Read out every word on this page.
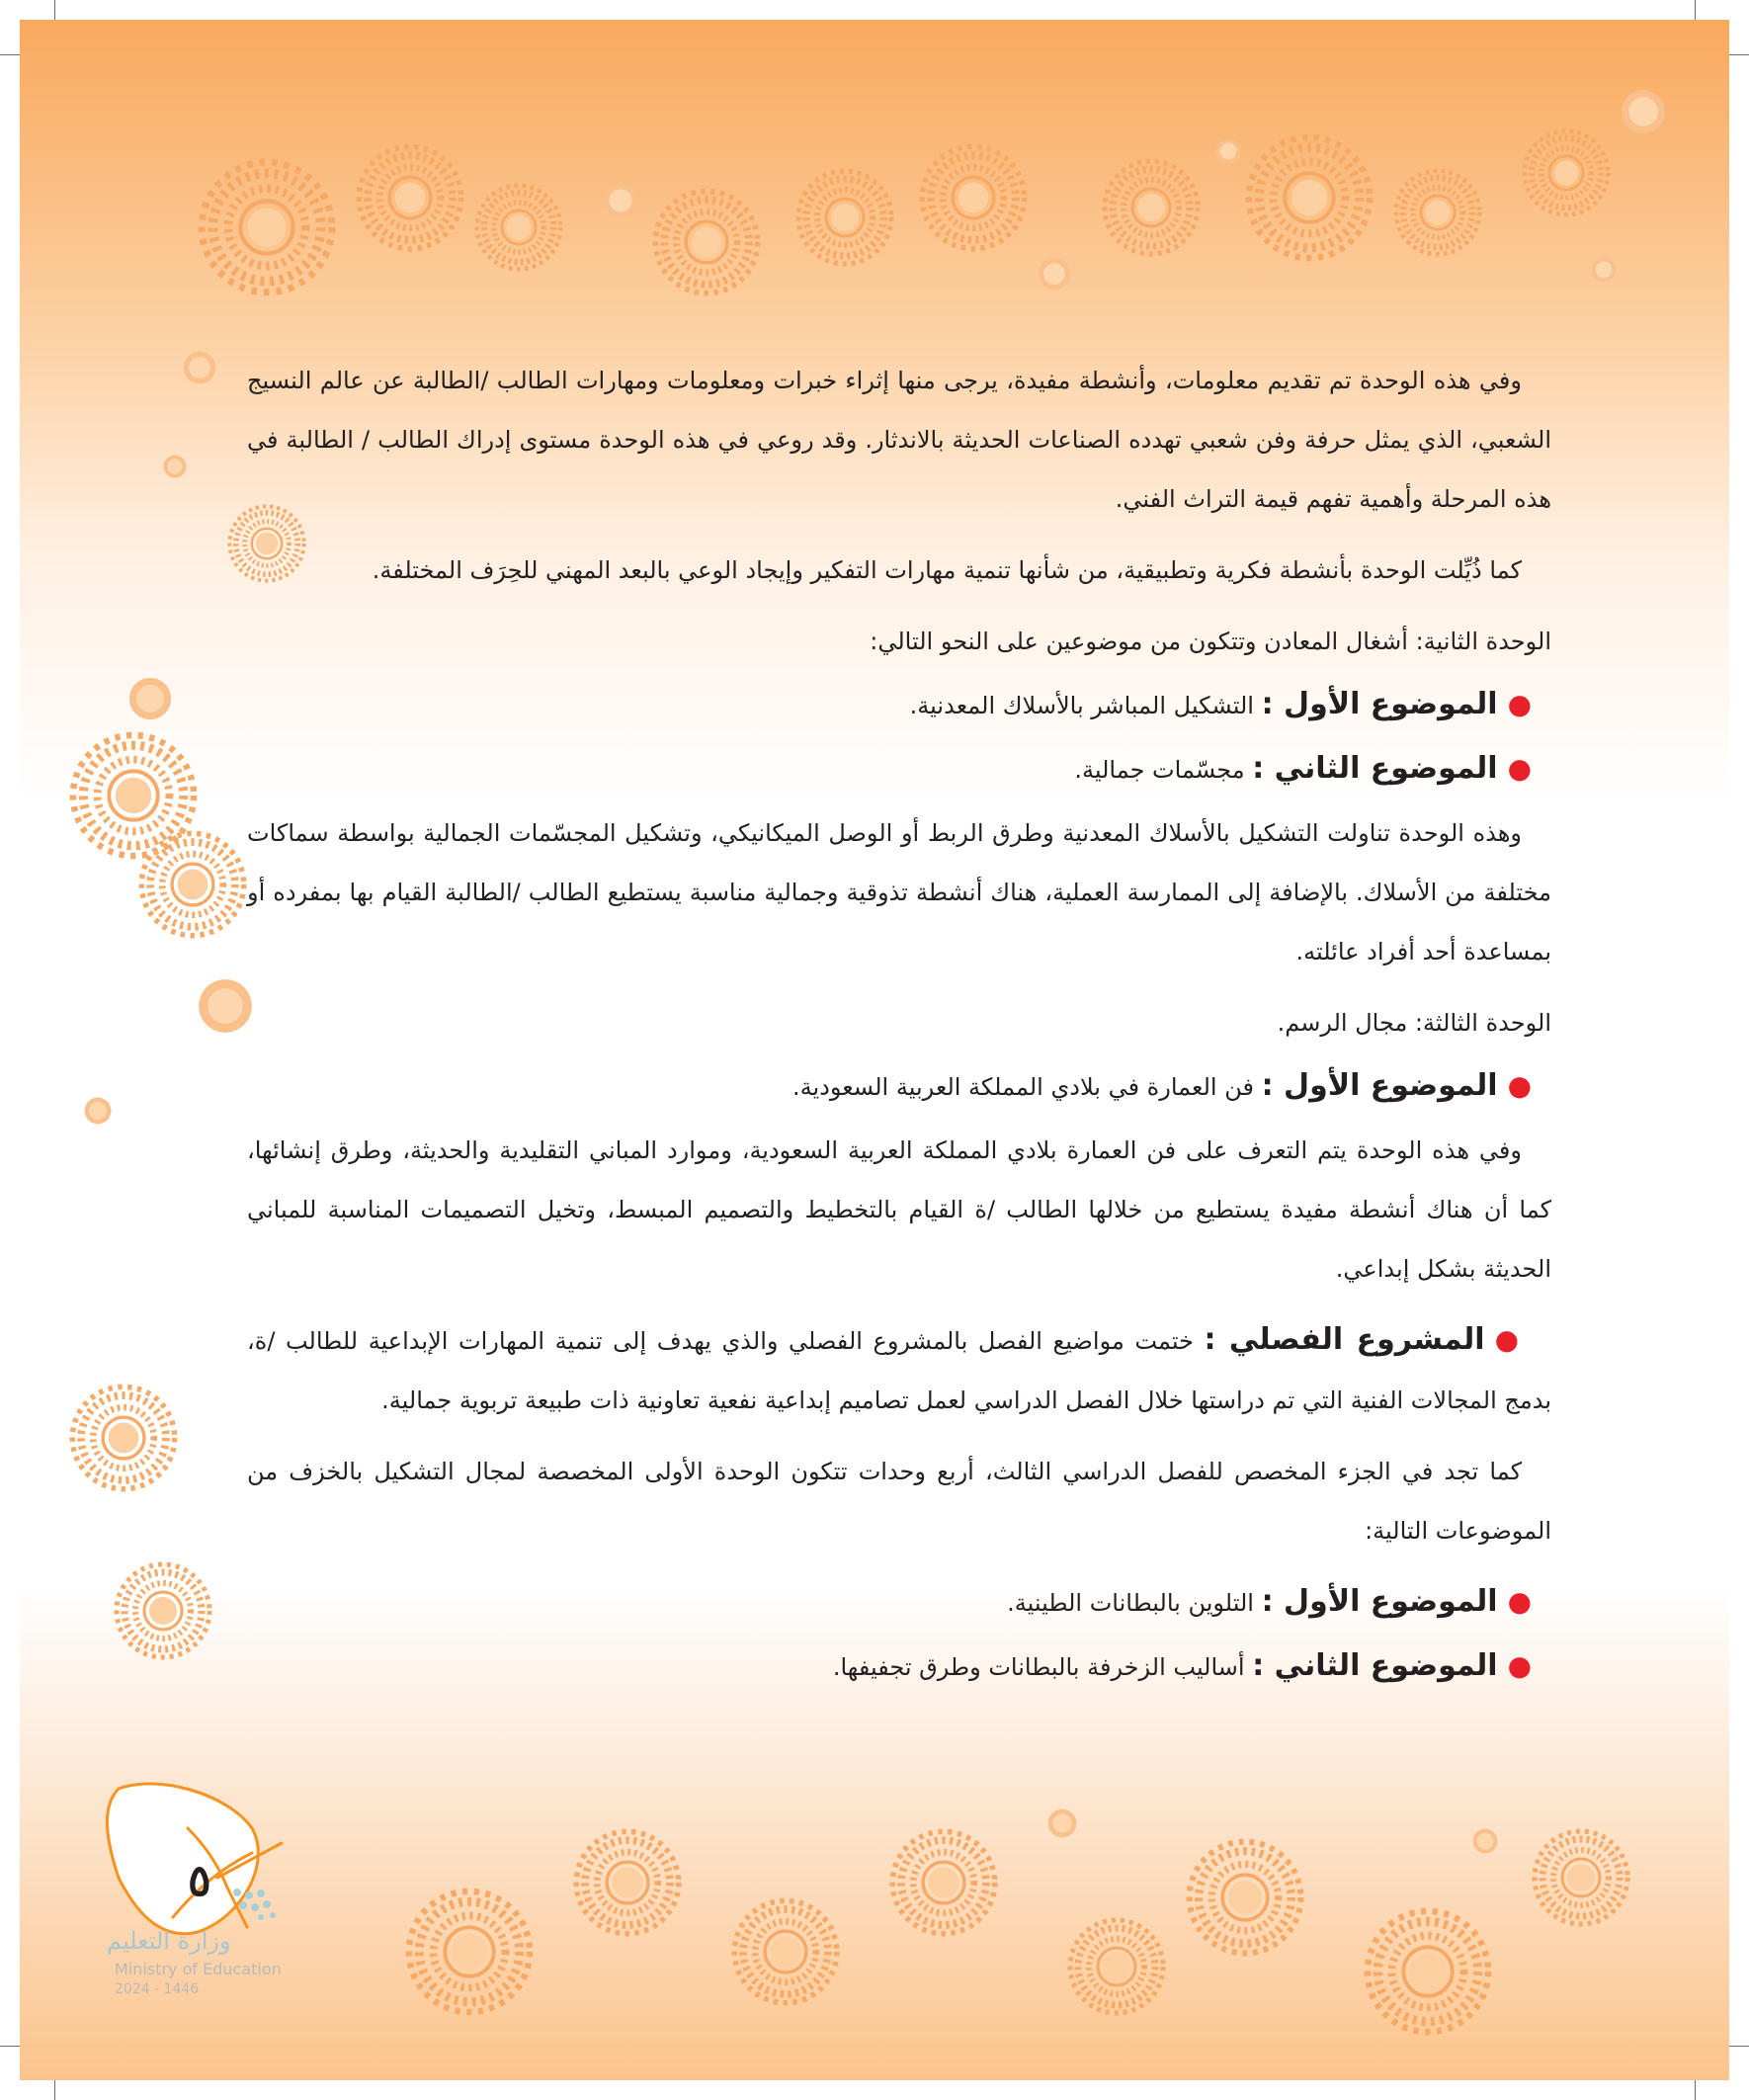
٥
وزارة التعليم
Ministry of Education
2024 - 1446

وفي هذه الوحدة تم تقديم معلومات، وأنشطة مفيدة، يرجى منها إثراء خبرات ومعلومات ومهارات الطالب /الطالبة عن عالم النسيج الشعبي، الذي يمثل حرفة وفن شعبي تهدده الصناعات الحديثة بالاندثار. وقد روعي في هذه الوحدة مستوى إدراك الطالب / الطالبة في هذه المرحلة وأهمية تفهم قيمة التراث الفني.

كما ذُيِّلت الوحدة بأنشطة فكرية وتطبيقية، من شأنها تنمية مهارات التفكير وإيجاد الوعي بالبعد المهني للحِرَف المختلفة.

الوحدة الثانية: أشغال المعادن وتتكون من موضوعين على النحو التالي:

●الموضوع الأول : التشكيل المباشر بالأسلاك المعدنية.
●الموضوع الثاني : مجسّمات جمالية.

وهذه الوحدة تناولت التشكيل بالأسلاك المعدنية وطرق الربط أو الوصل الميكانيكي، وتشكيل المجسّمات الجمالية بواسطة سماكات مختلفة من الأسلاك. بالإضافة إلى الممارسة العملية، هناك أنشطة تذوقية وجمالية مناسبة يستطيع الطالب /الطالبة القيام بها بمفرده أو بمساعدة أحد أفراد عائلته.

الوحدة الثالثة: مجال الرسم.

●الموضوع الأول : فن العمارة في بلادي المملكة العربية السعودية.

وفي هذه الوحدة يتم التعرف على فن العمارة بلادي المملكة العربية السعودية، وموارد المباني التقليدية والحديثة، وطرق إنشائها، كما أن هناك أنشطة مفيدة يستطيع من خلالها الطالب /ة القيام بالتخطيط والتصميم المبسط، وتخيل التصميمات المناسبة للمباني الحديثة بشكل إبداعي.

●المشروع الفصلي : ختمت مواضيع الفصل بالمشروع الفصلي والذي يهدف إلى تنمية المهارات الإبداعية للطالب /ة، بدمج المجالات الفنية التي تم دراستها خلال الفصل الدراسي لعمل تصاميم إبداعية نفعية تعاونية ذات طبيعة تربوية جمالية.

كما تجد في الجزء المخصص للفصل الدراسي الثالث، أربع وحدات تتكون الوحدة الأولى المخصصة لمجال التشكيل بالخزف من الموضوعات التالية:

●الموضوع الأول : التلوين بالبطانات الطينية.
●الموضوع الثاني : أساليب الزخرفة بالبطانات وطرق تجفيفها.
